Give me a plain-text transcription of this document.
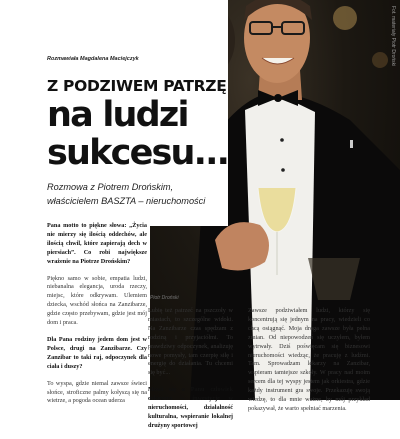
Fot. materiały Piotr Droński
Piotr Droński
Rozmawiała Magdalena Maciejczyk
Z PODZIWEM PATRZĘ
na ludzi
sukcesu...
Rozmowa z Piotrem Drońskim, właścicielem BASZTA – nieruchomości

Pana motto to piękne słowa: „Życia nie mierzy się ilością oddechów, ale ilością chwil, które zapierają dech w piersiach”. Co robi największe wrażenie na Piotrze Drońskim?

Piękno samo w sobie, empatia ludzi, niebanalna elegancja, uroda rzeczy, miejsc, które odkrywam. Ulemiem dziecka, wschód słońca na Zanzibarze, gdzie często przebywam, gdzie jest mój dom i praca.

Dla Pana rodziny jedem dom jest w Polsce, drugi na Zanzibarze. Czy Zanzibar to taki raj, odpoczynek dla ciała i duszy?

To wyspa, gdzie niemal zawsze świeci słońce, stroficzne palmy kołyszą się na wietrze, a pogoda ocean uderza

Lubię też patrzeć na pszczoły w miastach, to szczególne widoki. Na Zanzibarze czas spędzam z rodziną i przyjaciółmi. To prawdziwy odpoczynek, analizuję nowe pomysły, tam czerpię siłę i energię do działania. Tu chcemi się być...

Mówi się o Panu człowiek orkiestra – inwestycje w nieruchomości, działalność kulturalna, wspieranie lokalnej drużyny sportowej

Zawsze podziwiałem ludzi, którzy się koncentrują się jednym na pracy, wiedzieli co chcą osiągnąć. Moja droga zawsze była pełna zmian. Od niepowodzeń się uczyłem, byłem wytrwały. Dziś poświęcam się biznesowi nieruchomości wiedząc, że pracuję z ludźmi. Tam. Sprowadzam lekarzy na Zanzibar, wspieram tamtejsze szkoły. W pracy nad moim sercem dla tej wyspy jestem jak orkiestra, gdzie każdy instrument gra swoje. Przekazuję swoją wiedzę, to dla mnie ważne, by mój przykład pokazywał, że warto spełniać marzenia.
